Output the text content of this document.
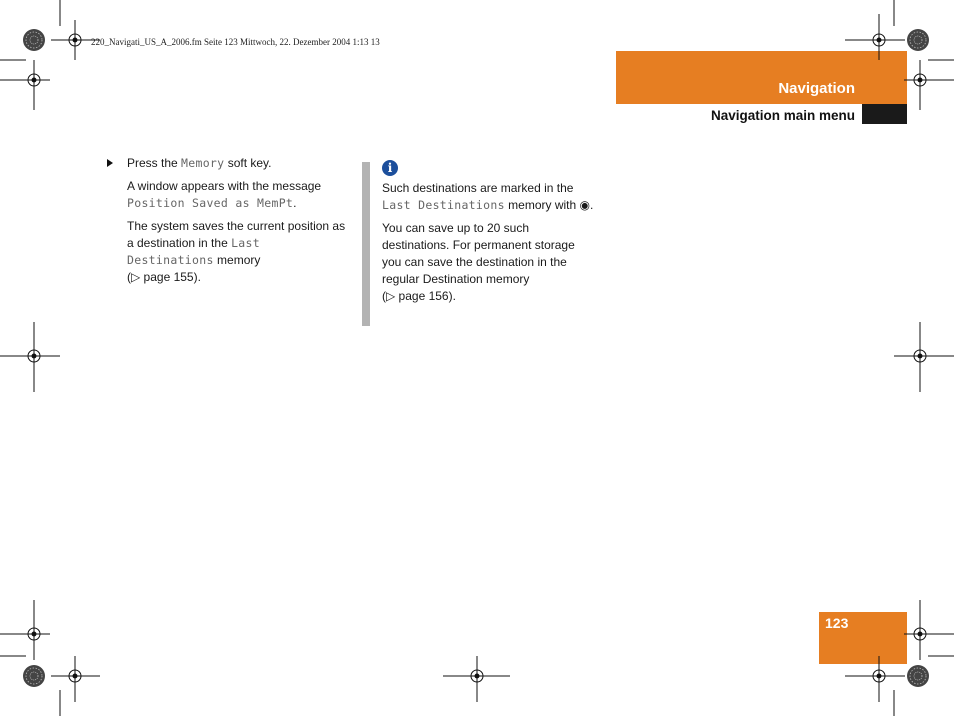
220_Navigati_US_A_2006.fm Seite 123 Mittwoch, 22. Dezember 2004 1:13 13
Navigation
Navigation main menu

Press the Memory soft key.

A window appears with the message Position Saved as MemPt.

The system saves the current position as a destination in the Last Destinations memory
(▷ page 155).

i

Such destinations are marked in the Last Destinations memory with ◉.

You can save up to 20 such destinations. For permanent storage you can save the destination in the regular Destination memory
(▷ page 156).

123
